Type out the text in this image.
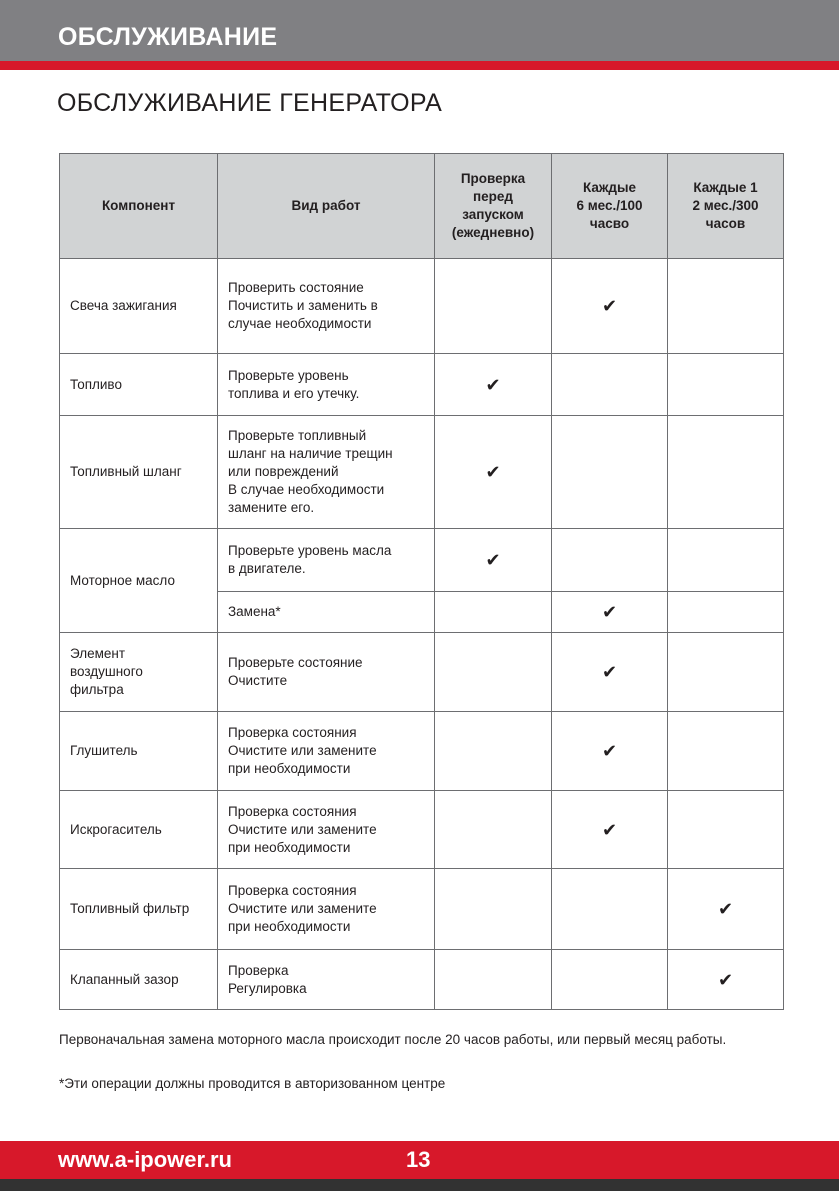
ОБСЛУЖИВАНИЕ
ОБСЛУЖИВАНИЕ ГЕНЕРАТОРА
Компонент	Вид работ	Проверка
перед
запуском
(ежедневно)	Каждые
6 мес./100
часво	Каждые 1
2 мес./300
часов
Свеча зажигания	Проверить состояние
Почистить и заменить в
случае необходимости		✔	
Топливо	Проверьте уровень
топлива и его утечку.	✔		
Топливный шланг	Проверьте топливный
шланг на наличие трещин
или повреждений
В случае необходимости
замените его.	✔		
Моторное масло	Проверьте уровень масла
в двигателе.	✔		
	Замена*		✔	
Элемент
воздушного
фильтра	Проверьте состояние
Очистите		✔	
Глушитель	Проверка состояния
Очистите или замените
при необходимости		✔	
Искрогаситель	Проверка состояния
Очистите или замените
при необходимости		✔	
Топливный фильтр	Проверка состояния
Очистите или замените
при необходимости			✔
Клапанный зазор	Проверка
Регулировка			✔
Первоначальная замена моторного масла происходит после 20 часов работы, или первый месяц работы.
*Эти операции должны проводится в авторизованном центре
www.a-ipower.ru	13
